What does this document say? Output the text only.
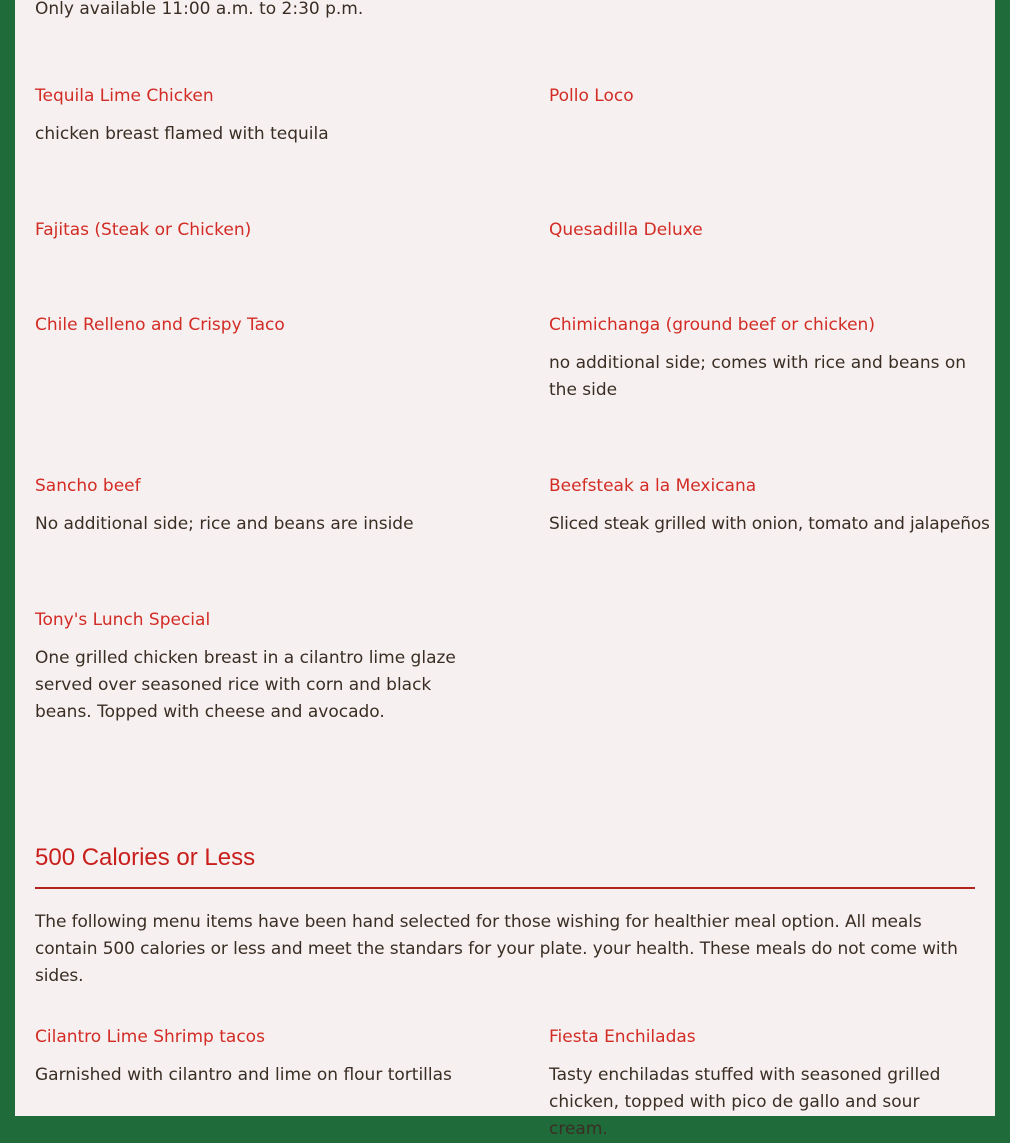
Only available 11:00 a.m. to 2:30 p.m.

Tequila Lime Chicken
chicken breast flamed with tequila
Pollo Loco
Fajitas (Steak or Chicken)	Quesadilla Deluxe
Chile Relleno and Crispy Taco	Chimichanga (ground beef or chicken)
no additional side; comes with rice and beans on the side
Sancho beef
No additional side; rice and beans are inside
Beefsteak a la Mexicana
Sliced steak grilled with onion, tomato and jalapeños
Tony's Lunch Special
One grilled chicken breast in a cilantro lime glaze served over seasoned rice with corn and black beans. Topped with cheese and avocado.
500 Calories or Less

The following menu items have been hand selected for those wishing for healthier meal option. All meals contain 500 calories or less and meet the standars for your plate. your health. These meals do not come with sides.

Cilantro Lime Shrimp tacos
Garnished with cilantro and lime on flour tortillas
Fiesta Enchiladas
Tasty enchiladas stuffed with seasoned grilled chicken, topped with pico de gallo and sour cream.
